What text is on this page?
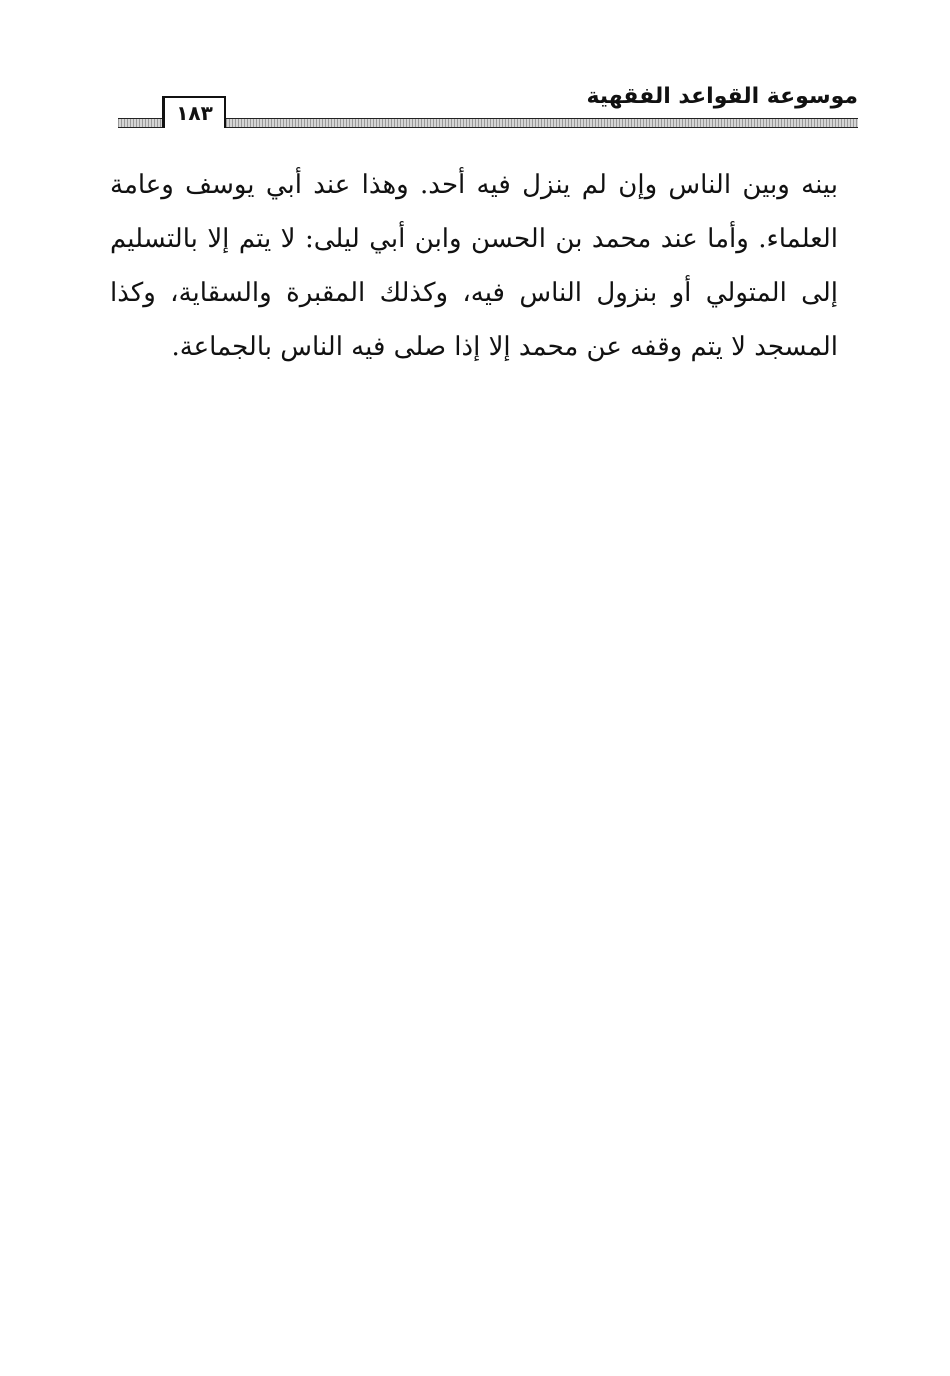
موسوعة القواعد الفقهية
١٨٣
بينه وبين الناس وإن لم ينزل فيه أحد. وهذا عند أبي يوسف وعامة
العلماء. وأما عند محمد بن الحسن وابن أبي ليلى: لا يتم إلا بالتسليم
إلى المتولي أو بنزول الناس فيه، وكذلك المقبرة والسقاية، وكذا
المسجد لا يتم وقفه عن محمد إلا إذا صلى فيه الناس بالجماعة.
